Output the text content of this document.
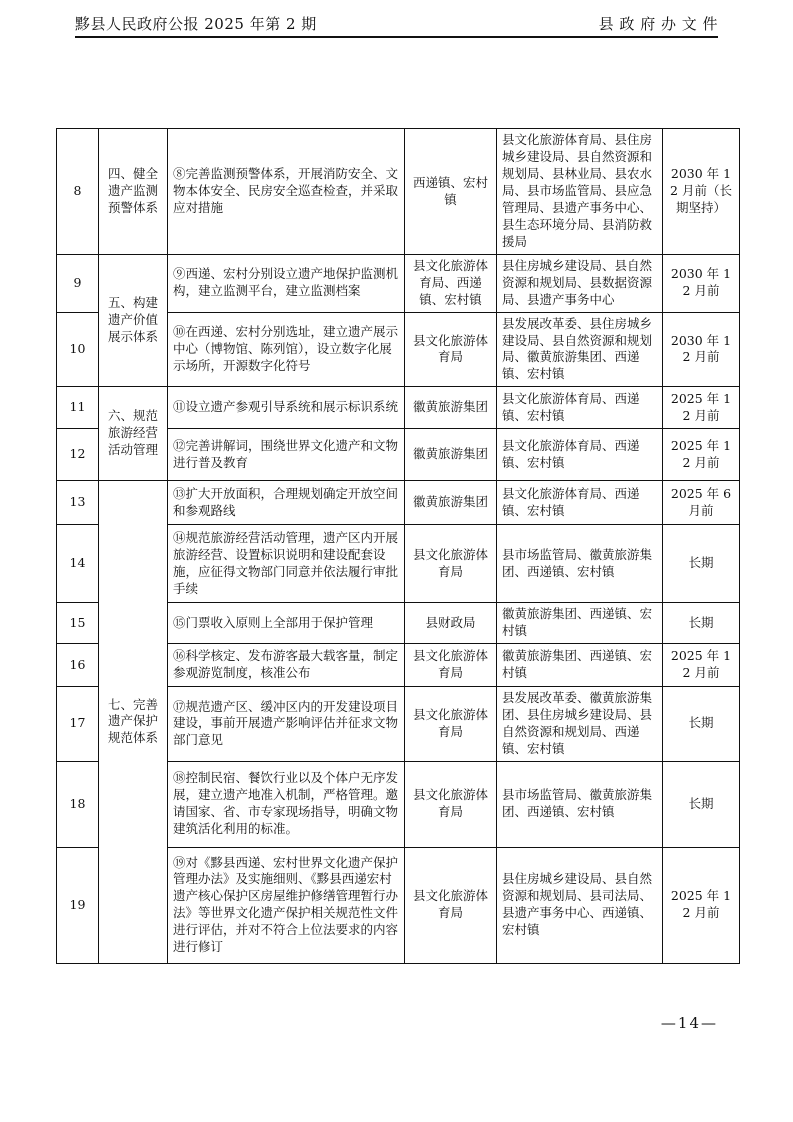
黟县人民政府公报 2025 年第 2 期	县 政 府 办 文 件
8	四、健全遗产监测预警体系	⑧完善监测预警体系，开展消防安全、文物本体安全、民房安全巡查检查，并采取应对措施	西递镇、宏村镇	县文化旅游体育局、县住房城乡建设局、县自然资源和规划局、县林业局、县农水局、县市场监管局、县应急管理局、县遗产事务中心、县生态环境分局、县消防救援局	2030 年 12 月前（长期坚持）
9	五、构建遗产价值展示体系	⑨西递、宏村分别设立遗产地保护监测机构，建立监测平台，建立监测档案	县文化旅游体育局、西递镇、宏村镇	县住房城乡建设局、县自然资源和规划局、县数据资源局、县遗产事务中心	2030 年 12 月前
10		⑩在西递、宏村分别选址，建立遗产展示中心（博物馆、陈列馆），设立数字化展示场所，开源数字化符号	县文化旅游体育局	县发展改革委、县住房城乡建设局、县自然资源和规划局、徽黄旅游集团、西递镇、宏村镇	2030 年 12 月前
11	六、规范旅游经营活动管理	⑪设立遗产参观引导系统和展示标识系统	徽黄旅游集团	县文化旅游体育局、西递镇、宏村镇	2025 年 12 月前
12		⑫完善讲解词，围绕世界文化遗产和文物进行普及教育	徽黄旅游集团	县文化旅游体育局、西递镇、宏村镇	2025 年 12 月前
13	七、完善遗产保护规范体系	⑬扩大开放面积，合理规划确定开放空间和参观路线	徽黄旅游集团	县文化旅游体育局、西递镇、宏村镇	2025 年 6 月前
14		⑭规范旅游经营活动管理，遗产区内开展旅游经营、设置标识说明和建设配套设施，应征得文物部门同意并依法履行审批手续	县文化旅游体育局	县市场监管局、徽黄旅游集团、西递镇、宏村镇	长期
15		⑮门票收入原则上全部用于保护管理	县财政局	徽黄旅游集团、西递镇、宏村镇	长期
16		⑯科学核定、发布游客最大载客量，制定参观游览制度，核准公布	县文化旅游体育局	徽黄旅游集团、西递镇、宏村镇	2025 年 12 月前
17		⑰规范遗产区、缓冲区内的开发建设项目建设，事前开展遗产影响评估并征求文物部门意见	县文化旅游体育局	县发展改革委、徽黄旅游集团、县住房城乡建设局、县自然资源和规划局、西递镇、宏村镇	长期
18		⑱控制民宿、餐饮行业以及个体户无序发展，建立遗产地准入机制，严格管理。邀请国家、省、市专家现场指导，明确文物建筑活化利用的标准。	县文化旅游体育局	县市场监管局、徽黄旅游集团、西递镇、宏村镇	长期
19		⑲对《黟县西递、宏村世界文化遗产保护管理办法》及实施细则、《黟县西递宏村遗产核心保护区房屋维护修缮管理暂行办法》等世界文化遗产保护相关规范性文件进行评估，并对不符合上位法要求的内容进行修订	县文化旅游体育局	县住房城乡建设局、县自然资源和规划局、县司法局、县遗产事务中心、西递镇、宏村镇	2025 年 12 月前
—14—
